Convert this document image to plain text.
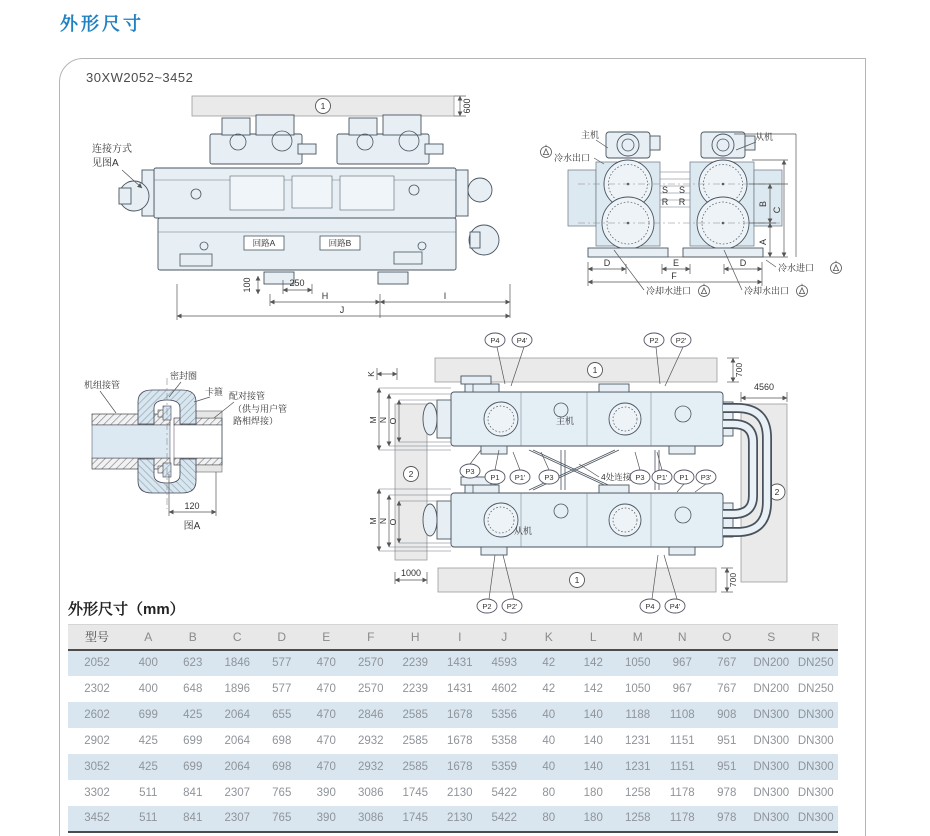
外形尺寸
30XW2052~3452
1	600
回路A	回路B
连接方式
见图A
250
100
H	I
J
S S
R R
主机	从机
冷水出口
B
C
A
D	E	D
F
冷水进口
冷却水进口	冷却水出口
机组接管
密封圈
卡箍 配对接管
（供与用户管
路相焊接）
120
图A
2
4560
1	700
1	700
2
1000
K
主机
从机
P4 P4'	P2 P2'
P3
P1 P1'	P3	P3 P1' P1 P3'
P2 P2'	P4 P4'
4处连接
M N O
M N O
外形尺寸（mm）
型号	A	B	C	D	E	F	H	I	J	K	L	M	N	O	S	R
2052	400	623	1846	577	470	2570	2239	1431	4593	42	142	1050	967	767	DN200	DN250
2302	400	648	1896	577	470	2570	2239	1431	4602	42	142	1050	967	767	DN200	DN250
2602	699	425	2064	655	470	2846	2585	1678	5356	40	140	1188	1108	908	DN300	DN300
2902	425	699	2064	698	470	2932	2585	1678	5358	40	140	1231	1151	951	DN300	DN300
3052	425	699	2064	698	470	2932	2585	1678	5359	40	140	1231	1151	951	DN300	DN300
3302	511	841	2307	765	390	3086	1745	2130	5422	80	180	1258	1178	978	DN300	DN300
3452	511	841	2307	765	390	3086	1745	2130	5422	80	180	1258	1178	978	DN300	DN300
